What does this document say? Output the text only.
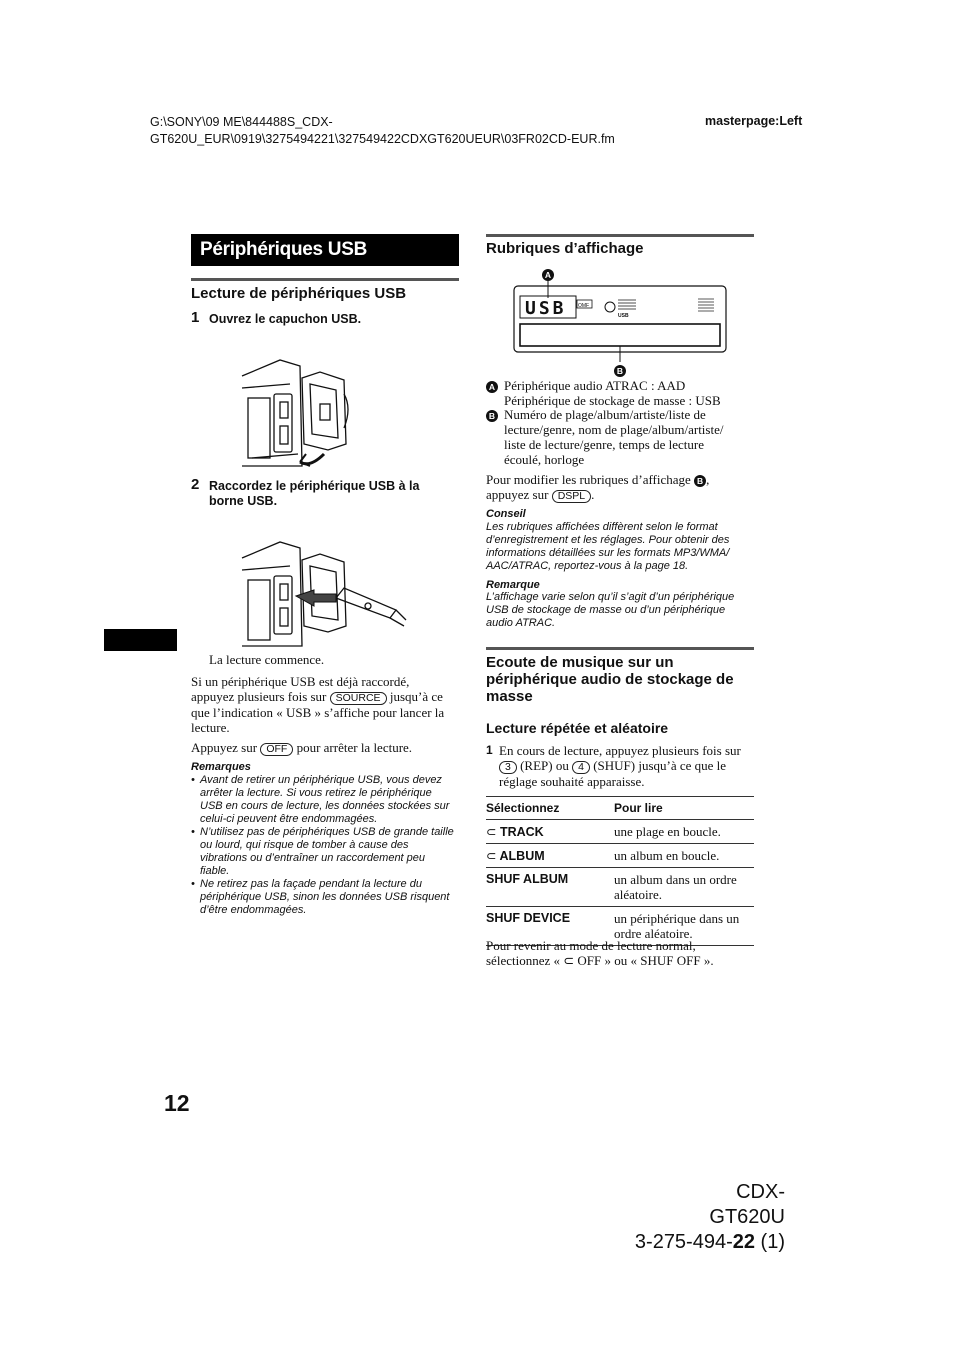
G:\SONY\09 ME\844488S_CDX-
GT620U_EUR\0919\3275494221\327549422CDXGT620UEUR\03FR02CD-EUR.fm
masterpage:Left
Périphériques USB
Lecture de périphériques USB
1 Ouvrez le capuchon USB.
2 Raccordez le périphérique USB à la
borne USB.
La lecture commence.
Si un périphérique USB est déjà raccordé,
appuyez plusieurs fois sur SOURCE jusqu’à ce
que l’indication « USB » s’affiche pour lancer la
lecture.
Appuyez sur OFF pour arrêter la lecture.
Remarques
• Avant de retirer un périphérique USB, vous devez
arrêter la lecture. Si vous retirez le périphérique
USB en cours de lecture, les données stockées sur
celui-ci peuvent être endommagées.
• N’utilisez pas de périphériques USB de grande taille
ou lourd, qui risque de tomber à cause des
vibrations ou d’entraîner un raccordement peu
fiable.
• Ne retirez pas la façade pendant la lecture du
périphérique USB, sinon les données USB risquent
d’être endommagées.
Rubriques d’affichage
A
USB OMF
USB
B
A Périphérique audio ATRAC : AAD
Périphérique de stockage de masse : USB
B Numéro de plage/album/artiste/liste de
lecture/genre, nom de plage/album/artiste/
liste de lecture/genre, temps de lecture
écoulé, horloge
Pour modifier les rubriques d’affichage B ,
appuyez sur DSPL .
Conseil
Les rubriques affichées diffèrent selon le format
d’enregistrement et les réglages. Pour obtenir des
informations détaillées sur les formats MP3/WMA/
AAC/ATRAC, reportez-vous à la page 18.
Remarque
L’affichage varie selon qu’il s’agit d’un périphérique
USB de stockage de masse ou d’un périphérique
audio ATRAC.
Ecoute de musique sur un
périphérique audio de stockage de
masse
Lecture répétée et aléatoire
1 En cours de lecture, appuyez plusieurs fois sur
3 (REP) ou 4 (SHUF) jusqu’à ce que le
réglage souhaité apparaisse.
Sélectionnez	Pour lire
⊂ TRACK	une plage en boucle.
⊂ ALBUM	un album en boucle.
SHUF ALBUM	un album dans un ordre
aléatoire.

SHUF DEVICE	un périphérique dans un
ordre aléatoire.
Pour revenir au mode de lecture normal,
sélectionnez « ⊂ OFF » ou « SHUF OFF ».
12
CDX-GT620U
3-275-494-22 (1)
